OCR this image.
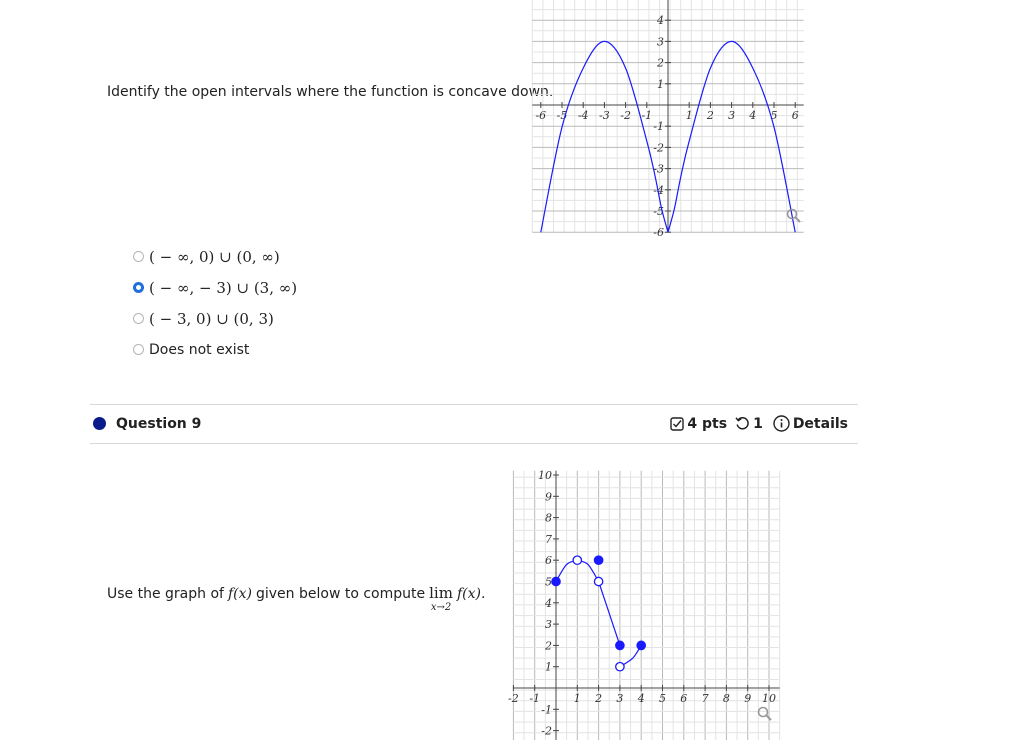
Identify the open intervals where the function is concave down.
-6 -5 -4 -3 -2 -1	1 2 3 4 5 6
4
3
2
1
-1
-2
-3
-4
-5
-6
( − ∞, 0) ∪ (0, ∞)
( − ∞, − 3) ∪ (3, ∞)
( − 3, 0) ∪ (0, 3)
Does not exist
Question 9	4 pts 1 Details
Use the graph of f(x) given below to compute lim
x→2
f(x).
-2 -1	1 2 3 4 5 6 7 8 9 10
10
9
8
7
6
5
4
3
2
1
-1
-2
